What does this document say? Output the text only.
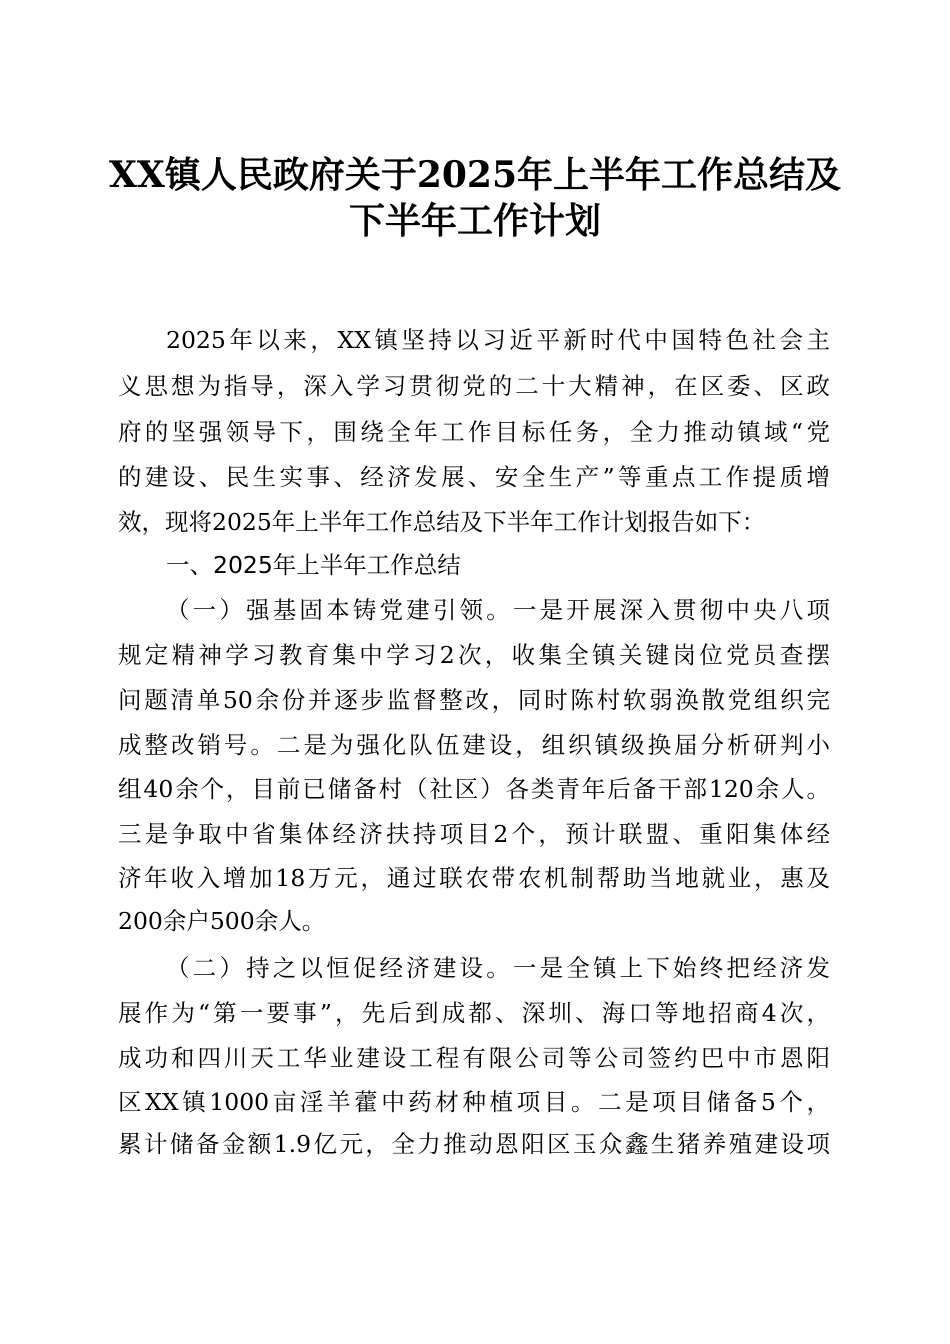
XX镇人民政府关于2025年上半年工作总结及
下半年工作计划
2025年以来，XX镇坚持以习近平新时代中国特色社会主
义思想为指导，深入学习贯彻党的二十大精神，在区委、区政
府的坚强领导下，围绕全年工作目标任务，全力推动镇域“党
的建设、民生实事、经济发展、安全生产”等重点工作提质增
效，现将2025年上半年工作总结及下半年工作计划报告如下：
一、2025年上半年工作总结
（一）强基固本铸党建引领。一是开展深入贯彻中央八项
规定精神学习教育集中学习2次，收集全镇关键岗位党员查摆
问题清单50余份并逐步监督整改，同时陈村软弱涣散党组织完
成整改销号。二是为强化队伍建设，组织镇级换届分析研判小
组40余个，目前已储备村（社区）各类青年后备干部120余人。
三是争取中省集体经济扶持项目2个，预计联盟、重阳集体经
济年收入增加18万元，通过联农带农机制帮助当地就业，惠及
200余户500余人。
（二）持之以恒促经济建设。一是全镇上下始终把经济发
展作为“第一要事”，先后到成都、深圳、海口等地招商4次，
成功和四川天工华业建设工程有限公司等公司签约巴中市恩阳
区XX镇1000亩淫羊藿中药材种植项目。二是项目储备5个，
累计储备金额1.9亿元，全力推动恩阳区玉众鑫生猪养殖建设项
